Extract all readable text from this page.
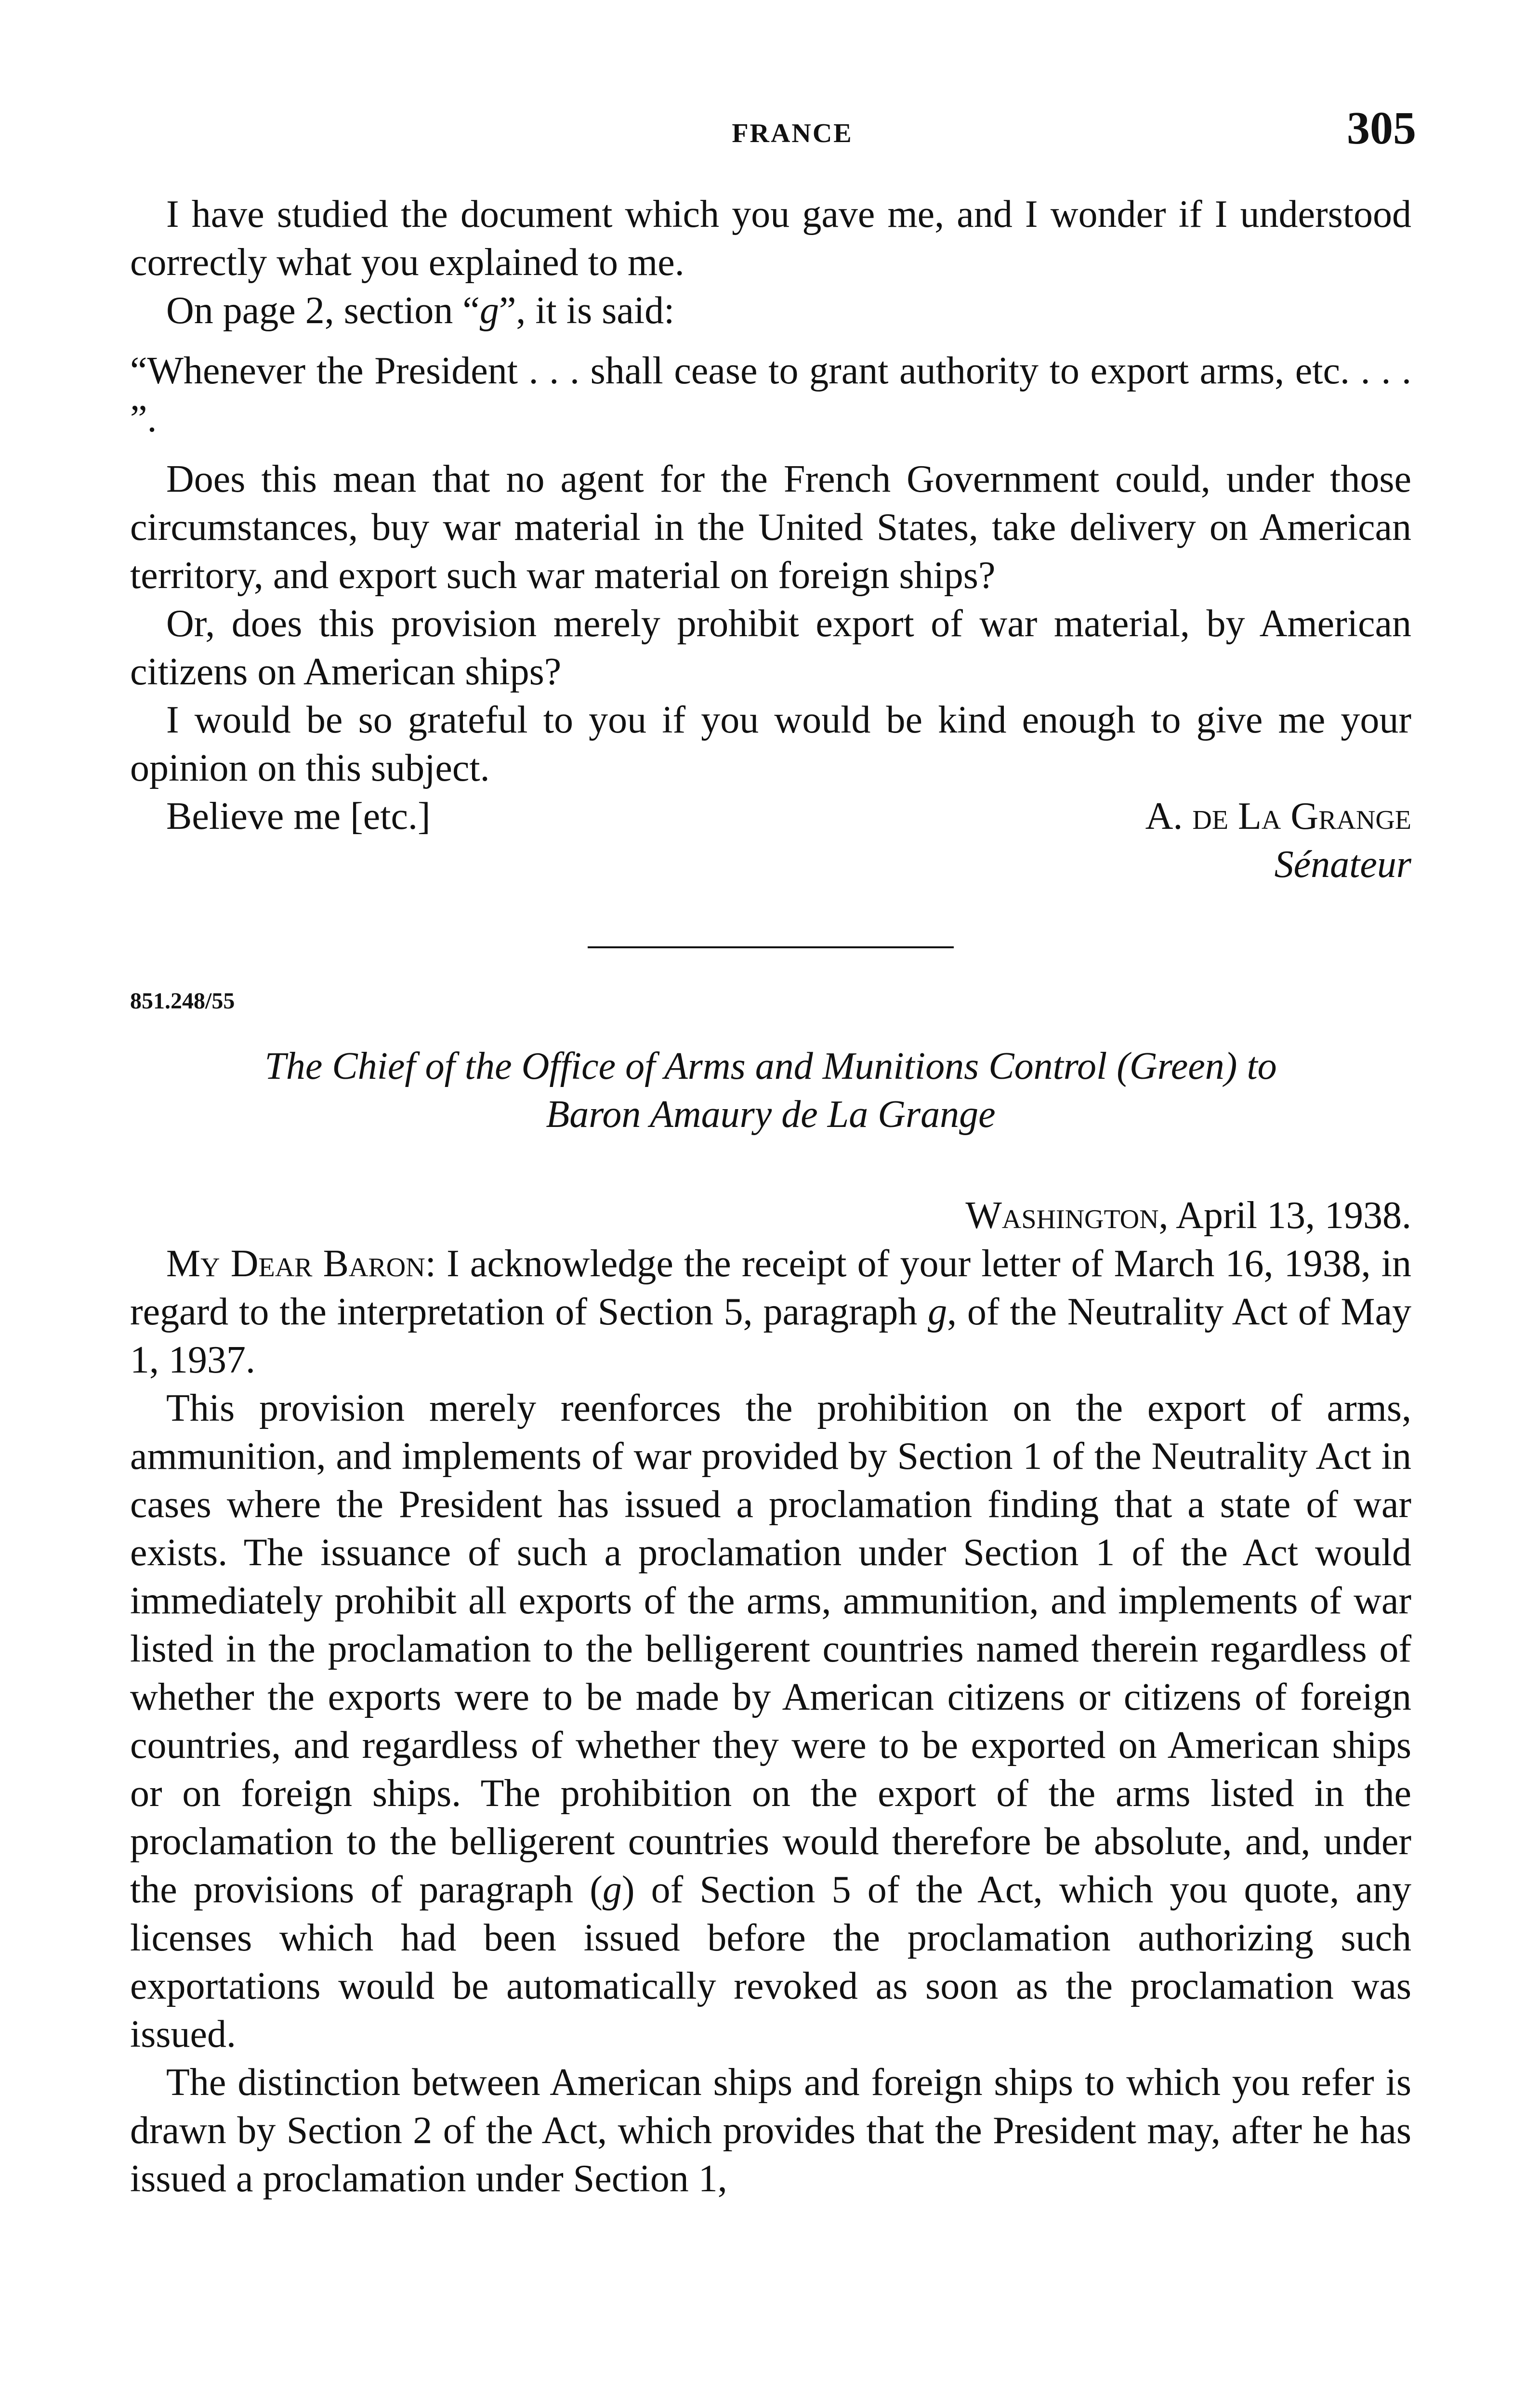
FRANCE	305

I have studied the document which you gave me, and I wonder if I understood correctly what you explained to me.

On page 2, section “g”, it is said:

“Whenever the President . . . shall cease to grant authority to export arms, etc. . . . ”.

Does this mean that no agent for the French Government could, under those circumstances, buy war material in the United States, take delivery on American territory, and export such war material on foreign ships?

Or, does this provision merely prohibit export of war material, by American citizens on American ships?

I would be so grateful to you if you would be kind enough to give me your opinion on this subject.

Believe me [etc.]	A. de La Grange
Sénateur
851.248/55
The Chief of the Office of Arms and Munitions Control (Green) to
Baron Amaury de La Grange
Washington, April 13, 1938.

My Dear Baron: I acknowledge the receipt of your letter of March 16, 1938, in regard to the interpretation of Section 5, paragraph g, of the Neutrality Act of May 1, 1937.

This provision merely reenforces the prohibition on the export of arms, ammunition, and implements of war provided by Section 1 of the Neutrality Act in cases where the President has issued a proclamation finding that a state of war exists. The issuance of such a proclamation under Section 1 of the Act would immediately prohibit all exports of the arms, ammunition, and implements of war listed in the proclamation to the belligerent countries named therein regardless of whether the exports were to be made by American citizens or citizens of foreign countries, and regardless of whether they were to be exported on American ships or on foreign ships. The prohibition on the export of the arms listed in the proclamation to the belligerent countries would therefore be absolute, and, under the provisions of paragraph (g) of Section 5 of the Act, which you quote, any licenses which had been issued before the proclamation authorizing such exportations would be automatically revoked as soon as the proclamation was issued.

The distinction between American ships and foreign ships to which you refer is drawn by Section 2 of the Act, which provides that the President may, after he has issued a proclamation under Section 1,
